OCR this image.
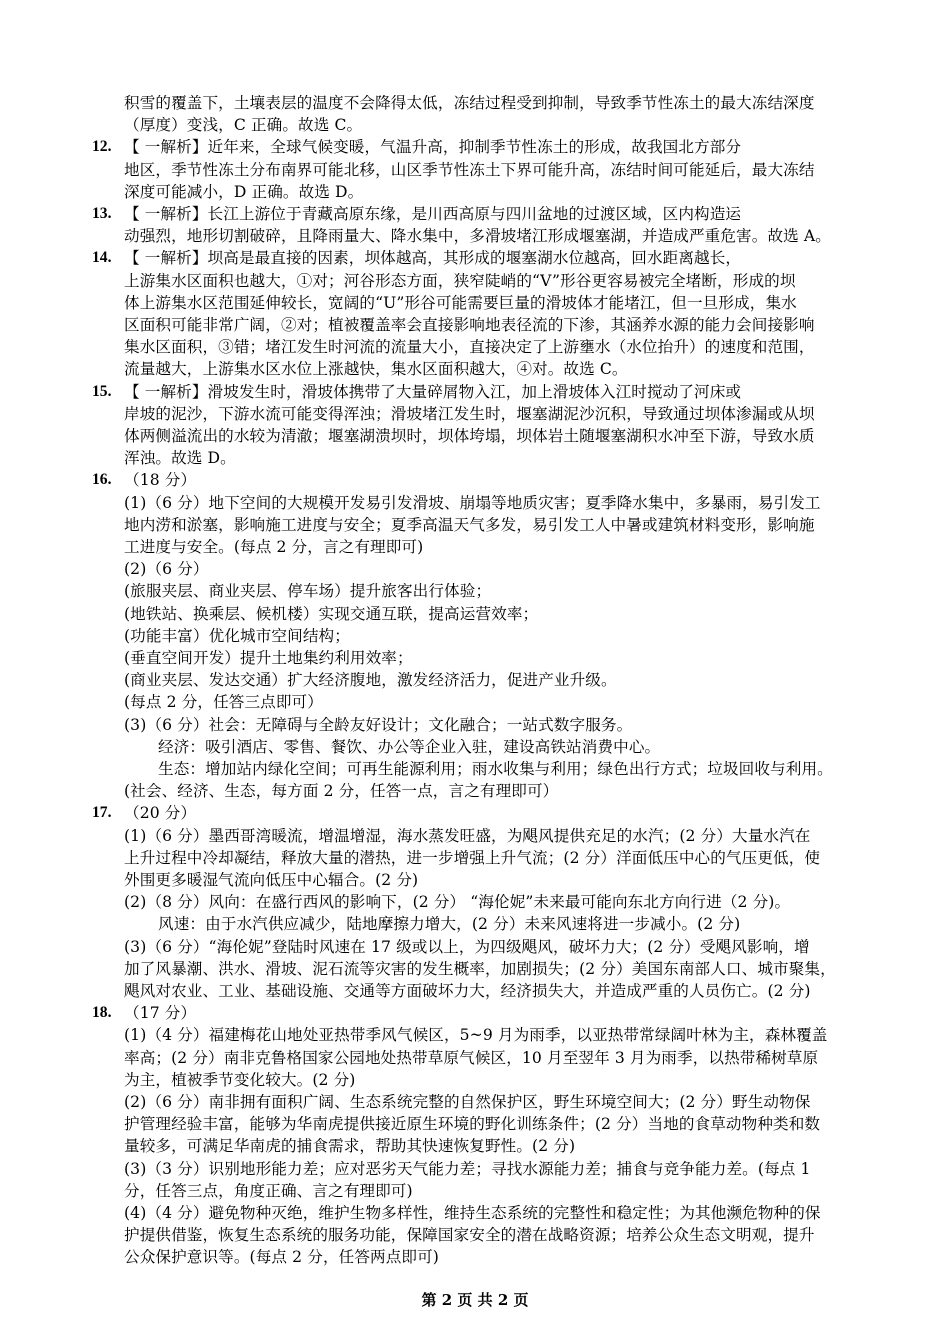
积雪的覆盖下，土壤表层的温度不会降得太低，冻结过程受到抑制，导致季节性冻土的最大冻结深度
（厚度）变浅，C 正确。故选 C。
12. 【 一解析】近年来，全球气候变暖，气温升高，抑制季节性冻土的形成，故我国北方部分
地区，季节性冻土分布南界可能北移，山区季节性冻土下界可能升高，冻结时间可能延后，最大冻结
深度可能减小，D 正确。故选 D。
13. 【 一解析】长江上游位于青藏高原东缘，是川西高原与四川盆地的过渡区域，区内构造运
动强烈，地形切割破碎，且降雨量大、降水集中，多滑坡堵江形成堰塞湖，并造成严重危害。故选 A。
14. 【 一解析】坝高是最直接的因素，坝体越高，其形成的堰塞湖水位越高，回水距离越长，
上游集水区面积也越大，①对；河谷形态方面，狭窄陡峭的“V”形谷更容易被完全堵断，形成的坝
体上游集水区范围延伸较长，宽阔的“U”形谷可能需要巨量的滑坡体才能堵江，但一旦形成，集水
区面积可能非常广阔，②对；植被覆盖率会直接影响地表径流的下渗，其涵养水源的能力会间接影响
集水区面积，③错；堵江发生时河流的流量大小，直接决定了上游壅水（水位抬升）的速度和范围，
流量越大，上游集水区水位上涨越快，集水区面积越大，④对。故选 C。
15. 【 一解析】滑坡发生时，滑坡体携带了大量碎屑物入江，加上滑坡体入江时搅动了河床或
岸坡的泥沙，下游水流可能变得浑浊；滑坡堵江发生时，堰塞湖泥沙沉积，导致通过坝体渗漏或从坝
体两侧溢流出的水较为清澈；堰塞湖溃坝时，坝体垮塌，坝体岩土随堰塞湖积水冲至下游，导致水质
浑浊。故选 D。
16. （18 分）
(1)（6 分）地下空间的大规模开发易引发滑坡、崩塌等地质灾害；夏季降水集中，多暴雨，易引发工
地内涝和淤塞，影响施工进度与安全；夏季高温天气多发，易引发工人中暑或建筑材料变形，影响施
工进度与安全。(每点 2 分，言之有理即可)
(2)（6 分）
(旅服夹层、商业夹层、停车场）提升旅客出行体验；
(地铁站、换乘层、候机楼）实现交通互联，提高运营效率；
(功能丰富）优化城市空间结构；
(垂直空间开发）提升土地集约利用效率；
(商业夹层、发达交通）扩大经济腹地，激发经济活力，促进产业升级。
(每点 2 分，任答三点即可）
(3)（6 分）社会：无障碍与全龄友好设计；文化融合；一站式数字服务。
经济：吸引酒店、零售、餐饮、办公等企业入驻，建设高铁站消费中心。
生态：增加站内绿化空间；可再生能源利用；雨水收集与利用；绿色出行方式；垃圾回收与利用。
(社会、经济、生态，每方面 2 分，任答一点，言之有理即可）
17. （20 分）
(1)（6 分）墨西哥湾暖流，增温增湿，海水蒸发旺盛，为飓风提供充足的水汽；(2 分）大量水汽在
上升过程中冷却凝结，释放大量的潜热，进一步增强上升气流；(2 分）洋面低压中心的气压更低，使
外围更多暖湿气流向低压中心辐合。(2 分)
(2)（8 分）风向：在盛行西风的影响下，(2 分） “海伦妮”未来最可能向东北方向行进（2 分)。
风速：由于水汽供应减少，陆地摩擦力增大，(2 分）未来风速将进一步减小。(2 分)
(3)（6 分）“海伦妮”登陆时风速在 17 级或以上，为四级飓风，破坏力大；(2 分）受飓风影响，增
加了风暴潮、洪水、滑坡、泥石流等灾害的发生概率，加剧损失；(2 分）美国东南部人口、城市聚集，
飓风对农业、工业、基础设施、交通等方面破坏力大，经济损失大，并造成严重的人员伤亡。(2 分)
18. （17 分）
(1)（4 分）福建梅花山地处亚热带季风气候区，5~9 月为雨季，以亚热带常绿阔叶林为主，森林覆盖
率高；(2 分）南非克鲁格国家公园地处热带草原气候区，10 月至翌年 3 月为雨季，以热带稀树草原
为主，植被季节变化较大。(2 分)
(2)（6 分）南非拥有面积广阔、生态系统完整的自然保护区，野生环境空间大；(2 分）野生动物保
护管理经验丰富，能够为华南虎提供接近原生环境的野化训练条件；(2 分）当地的食草动物种类和数
量较多，可满足华南虎的捕食需求，帮助其快速恢复野性。(2 分)
(3)（3 分）识别地形能力差；应对恶劣天气能力差；寻找水源能力差；捕食与竞争能力差。(每点 1
分，任答三点，角度正确、言之有理即可)
(4)（4 分）避免物种灭绝，维护生物多样性，维持生态系统的完整性和稳定性；为其他濒危物种的保
护提供借鉴，恢复生态系统的服务功能，保障国家安全的潜在战略资源；培养公众生态文明观，提升
公众保护意识等。(每点 2 分，任答两点即可)
第 2 页 共 2 页
